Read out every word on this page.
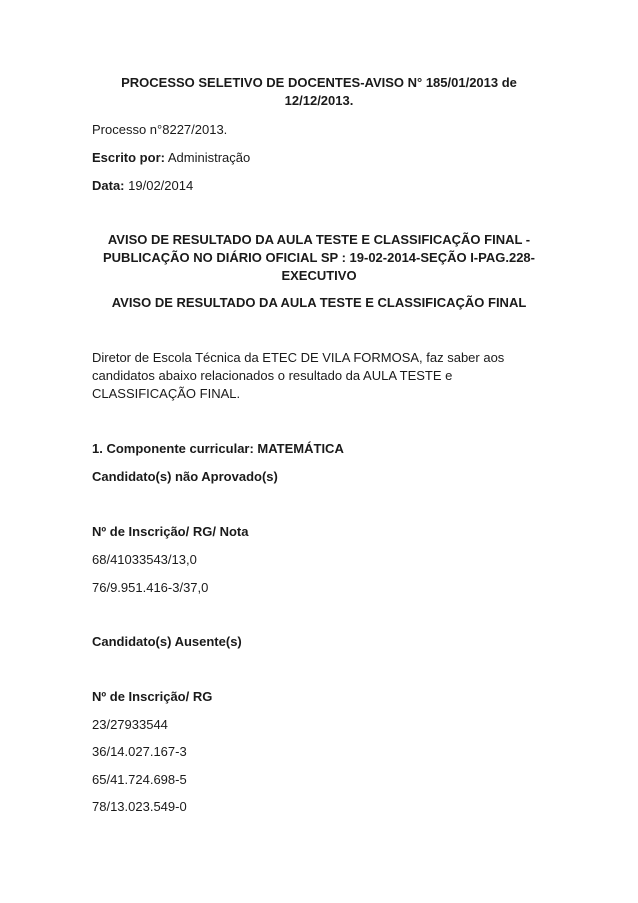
PROCESSO SELETIVO DE DOCENTES-AVISO N° 185/01/2013 de
12/12/2013.
Processo n°8227/2013.
Escrito por: Administração
Data: 19/02/2014
AVISO DE RESULTADO DA AULA TESTE E CLASSIFICAÇÃO FINAL -
PUBLICAÇÃO NO DIÁRIO OFICIAL SP : 19-02-2014-SEÇÃO I-PAG.228-
EXECUTIVO
AVISO DE RESULTADO DA AULA TESTE E CLASSIFICAÇÃO FINAL
Diretor de Escola Técnica da ETEC DE VILA FORMOSA, faz saber aos
candidatos abaixo relacionados o resultado da AULA TESTE e
CLASSIFICAÇÃO FINAL.
1. Componente curricular: MATEMÁTICA
Candidato(s) não Aprovado(s)
Nº de Inscrição/ RG/ Nota
68/41033543/13,0
76/9.951.416-3/37,0
Candidato(s) Ausente(s)
Nº de Inscrição/ RG
23/27933544
36/14.027.167-3
65/41.724.698-5
78/13.023.549-0
